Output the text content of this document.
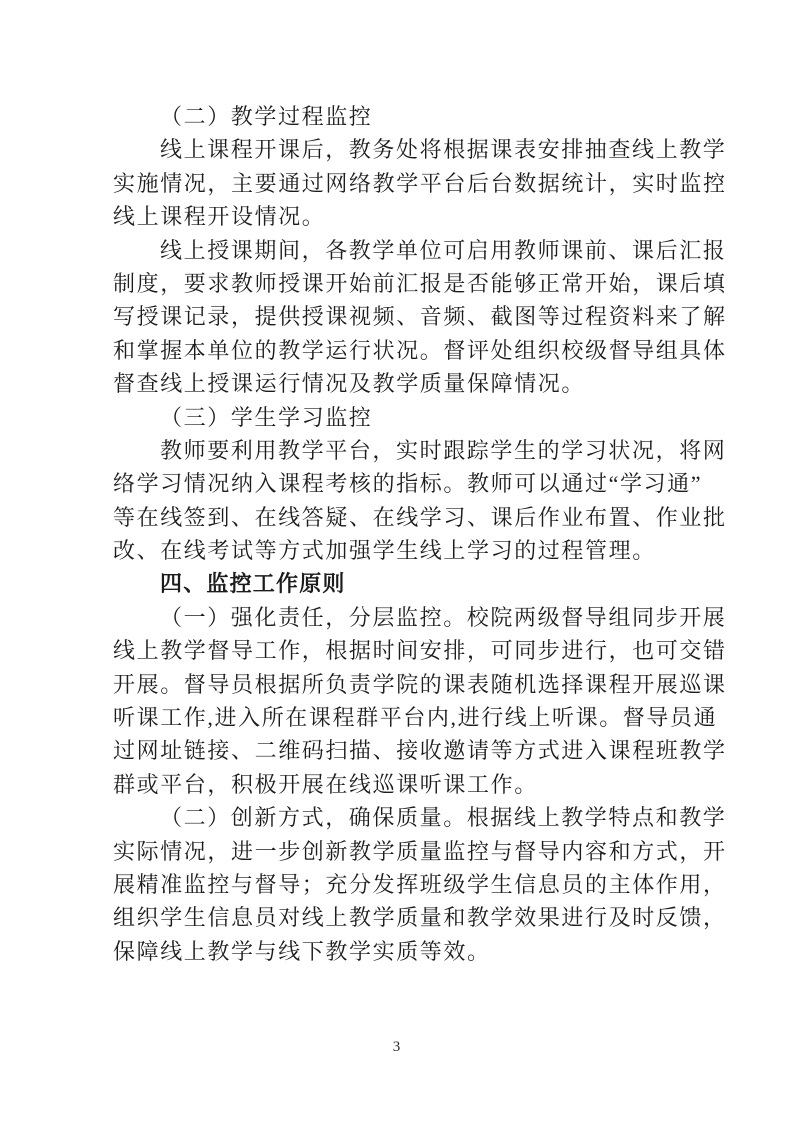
（二）教学过程监控
线上课程开课后，教务处将根据课表安排抽查线上教学
实施情况，主要通过网络教学平台后台数据统计，实时监控
线上课程开设情况。
线上授课期间，各教学单位可启用教师课前、课后汇报
制度，要求教师授课开始前汇报是否能够正常开始，课后填
写授课记录，提供授课视频、音频、截图等过程资料来了解
和掌握本单位的教学运行状况。督评处组织校级督导组具体
督查线上授课运行情况及教学质量保障情况。
（三）学生学习监控
教师要利用教学平台，实时跟踪学生的学习状况，将网
络学习情况纳入课程考核的指标。教师可以通过“学习通”
等在线签到、在线答疑、在线学习、课后作业布置、作业批
改、在线考试等方式加强学生线上学习的过程管理。
四、监控工作原则
（一）强化责任，分层监控。校院两级督导组同步开展
线上教学督导工作，根据时间安排，可同步进行，也可交错
开展。督导员根据所负责学院的课表随机选择课程开展巡课
听课工作,进入所在课程群平台内,进行线上听课。督导员通
过网址链接、二维码扫描、接收邀请等方式进入课程班教学
群或平台，积极开展在线巡课听课工作。
（二）创新方式，确保质量。根据线上教学特点和教学
实际情况，进一步创新教学质量监控与督导内容和方式，开
展精准监控与督导；充分发挥班级学生信息员的主体作用，
组织学生信息员对线上教学质量和教学效果进行及时反馈，
保障线上教学与线下教学实质等效。
3
